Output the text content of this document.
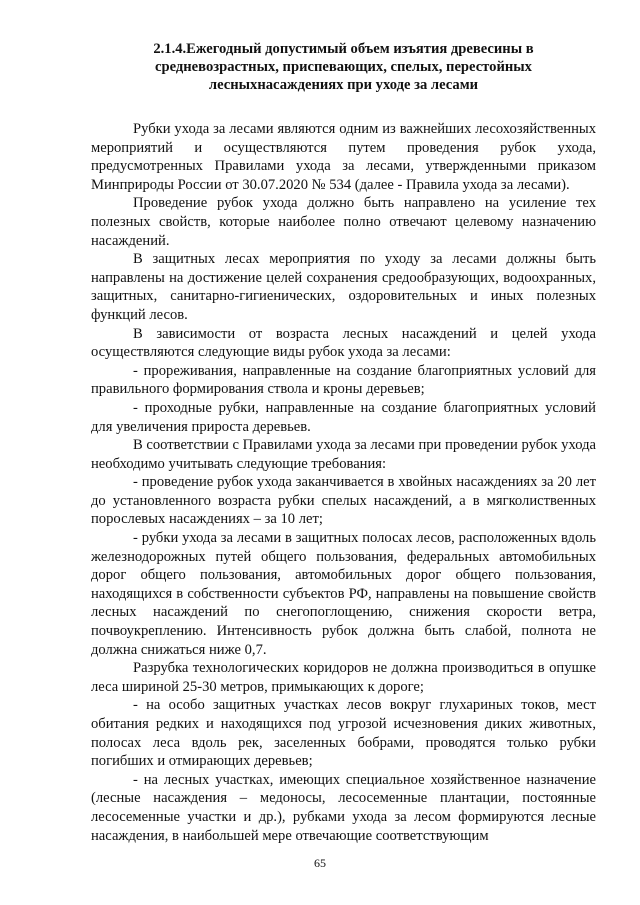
2.1.4.Ежегодный допустимый объем изъятия древесины в
средневозрастных, приспевающих, спелых, перестойных
лесныхнасаждениях при уходе за лесами

Рубки ухода за лесами являются одним из важнейших лесохозяйственных мероприятий и осуществляются путем проведения рубок ухода, предусмотренных Правилами ухода за лесами, утвержденными приказом Минприроды России от 30.07.2020 № 534 (далее - Правила ухода за лесами).

Проведение рубок ухода должно быть направлено на усиление тех полезных свойств, которые наиболее полно отвечают целевому назначению насаждений.

В защитных лесах мероприятия по уходу за лесами должны быть направлены на достижение целей сохранения средообразующих, водоохранных, защитных, санитарно-гигиенических, оздоровительных и иных полезных функций лесов.

В зависимости от возраста лесных насаждений и целей ухода осуществляются следующие виды рубок ухода за лесами:

- прореживания, направленные на создание благоприятных условий для правильного формирования ствола и кроны деревьев;

- проходные рубки, направленные на создание благоприятных условий для увеличения прироста деревьев.

В соответствии с Правилами ухода за лесами при проведении рубок ухода необходимо учитывать следующие требования:

- проведение рубок ухода заканчивается в хвойных насаждениях за 20 лет до установленного возраста рубки спелых насаждений, а в мягколиственных порослевых насаждениях – за 10 лет;

- рубки ухода за лесами в защитных полосах лесов, расположенных вдоль железнодорожных путей общего пользования, федеральных автомобильных дорог общего пользования, автомобильных дорог общего пользования, находящихся в собственности субъектов РФ, направлены на повышение свойств лесных насаждений по снегопоглощению, снижения скорости ветра, почвоукреплению. Интенсивность рубок должна быть слабой, полнота не должна снижаться ниже 0,7.

Разрубка технологических коридоров не должна производиться в опушке леса шириной 25-30 метров, примыкающих к дороге;

- на особо защитных участках лесов вокруг глухариных токов, мест обитания редких и находящихся под угрозой исчезновения диких животных, полосах леса вдоль рек, заселенных бобрами, проводятся только рубки погибших и отмирающих деревьев;

- на лесных участках, имеющих специальное хозяйственное назначение (лесные насаждения – медоносы, лесосеменные плантации, постоянные лесосеменные участки и др.), рубками ухода за лесом формируются лесные насаждения, в наибольшей мере отвечающие соответствующим

65
